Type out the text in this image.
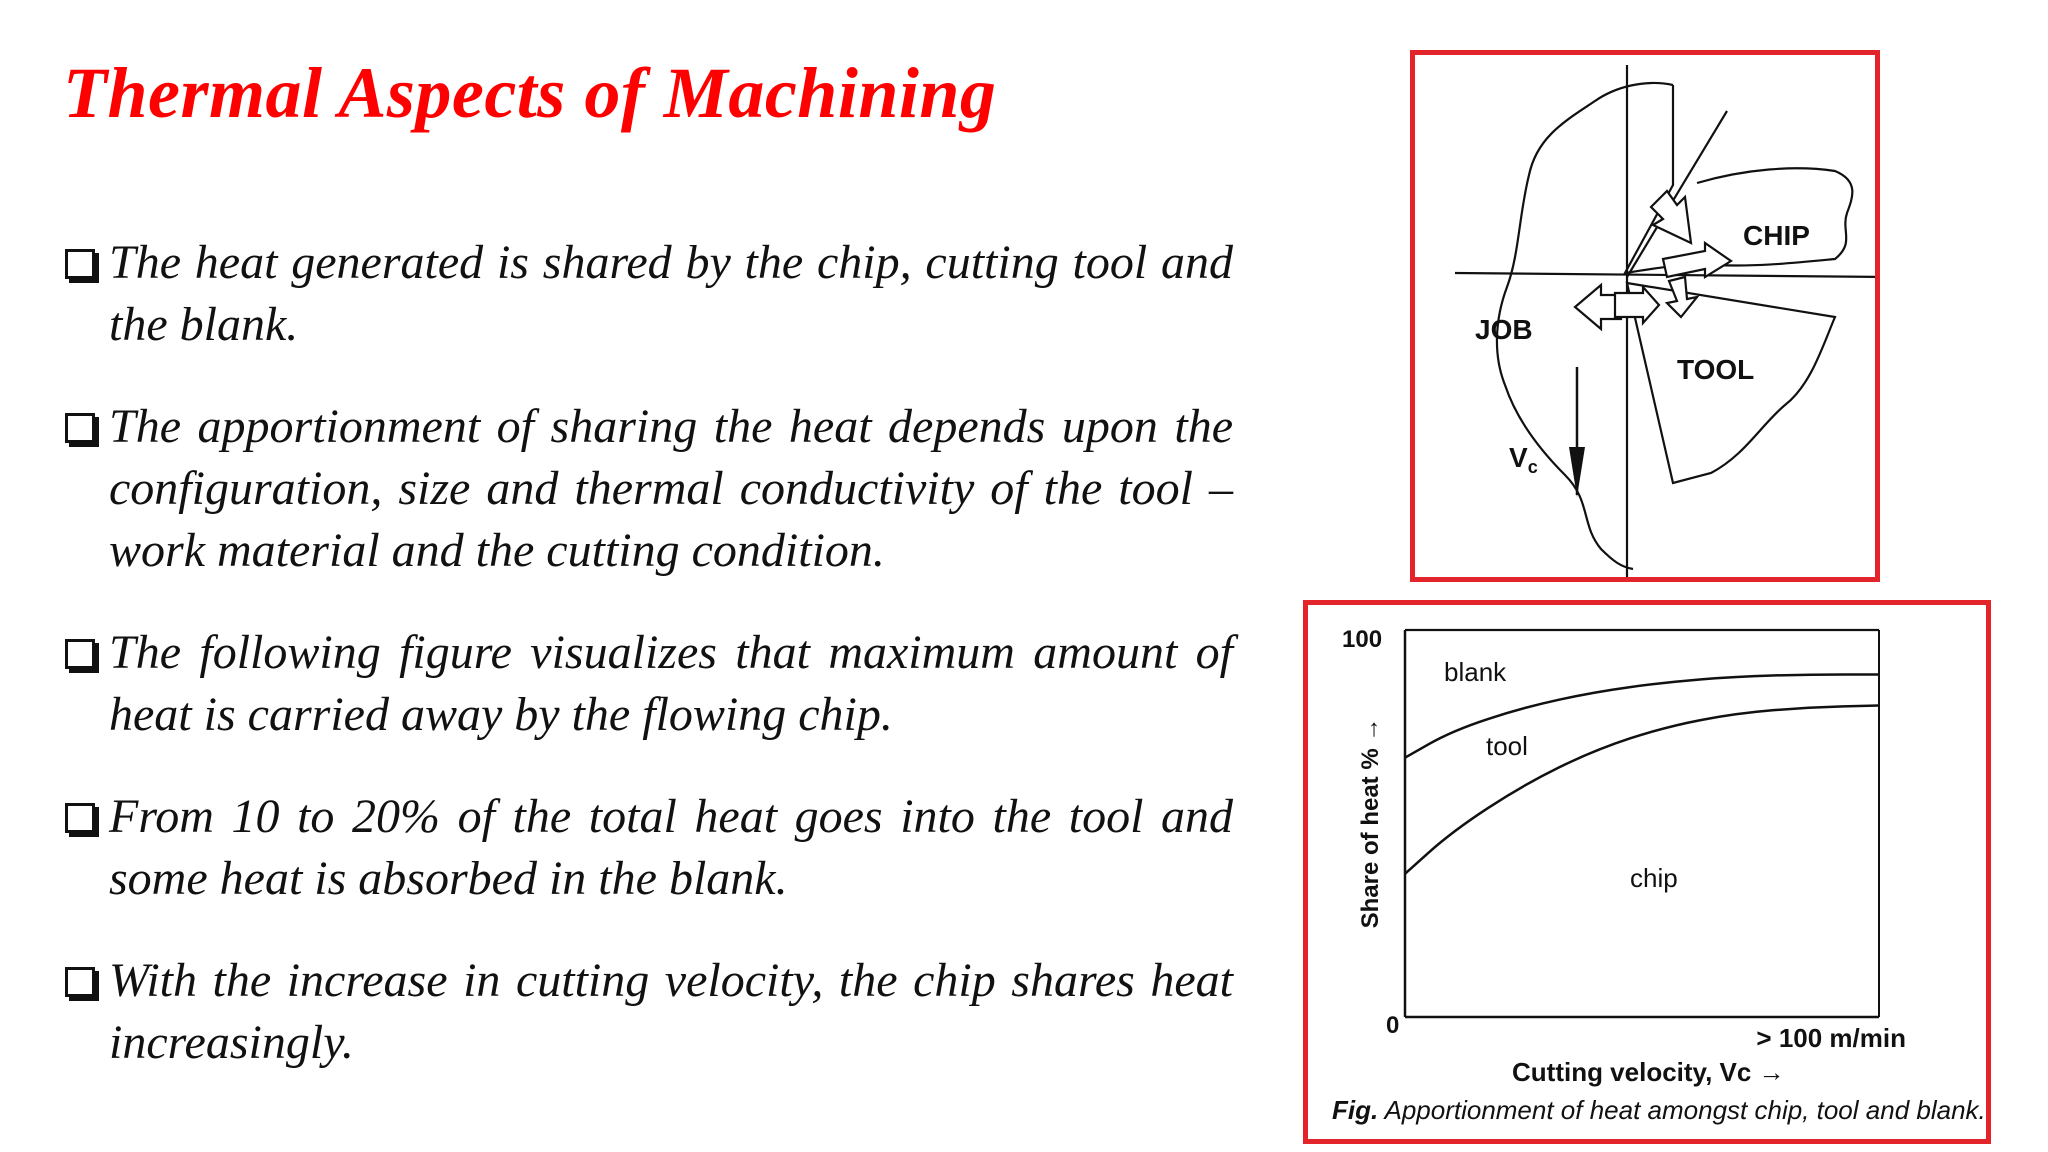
Thermal Aspects of Machining
The heat generated is shared by the chip, cutting tool and the blank.
The apportionment of sharing the heat depends upon the configuration, size and thermal conductivity of the tool – work material and the cutting condition.
The following figure visualizes that maximum amount of heat is carried away by the flowing chip.
From 10 to 20% of the total heat goes into the tool and some heat is absorbed in the blank.
With the increase in cutting velocity, the chip shares heat increasingly.
CHIP
JOB
TOOL
$V_c$
blank
tool
chip
100
0	> 100 m/min
Cutting velocity, Vc →
Share of heat % →
Fig. Apportionment of heat amongst chip, tool and blank.
